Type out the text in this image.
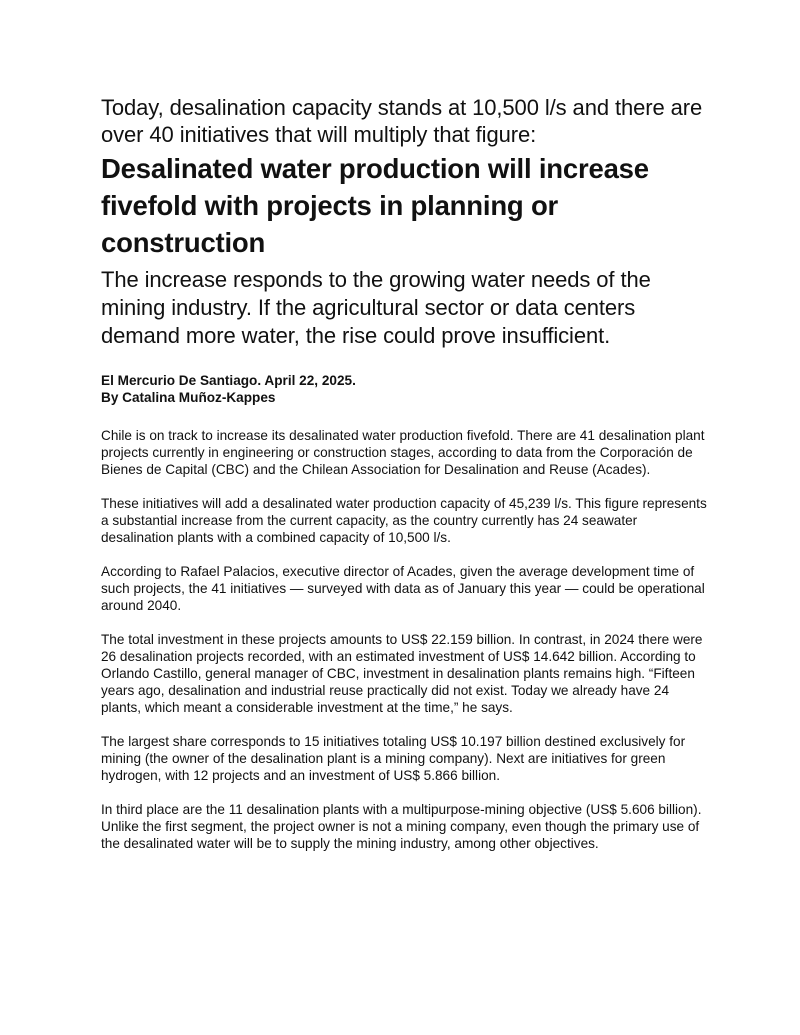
Today, desalination capacity stands at 10,500 l/s and there are over 40 initiatives that will multiply that figure:
Desalinated water production will increase fivefold with projects in planning or construction
The increase responds to the growing water needs of the mining industry. If the agricultural sector or data centers demand more water, the rise could prove insufficient.
El Mercurio De Santiago. April 22, 2025.
By Catalina Muñoz-Kappes

Chile is on track to increase its desalinated water production fivefold. There are 41 desalination plant projects currently in engineering or construction stages, according to data from the Corporación de Bienes de Capital (CBC) and the Chilean Association for Desalination and Reuse (Acades).

These initiatives will add a desalinated water production capacity of 45,239 l/s. This figure represents a substantial increase from the current capacity, as the country currently has 24 seawater desalination plants with a combined capacity of 10,500 l/s.

According to Rafael Palacios, executive director of Acades, given the average development time of such projects, the 41 initiatives — surveyed with data as of January this year — could be operational around 2040.

The total investment in these projects amounts to US$ 22.159 billion. In contrast, in 2024 there were 26 desalination projects recorded, with an estimated investment of US$ 14.642 billion. According to Orlando Castillo, general manager of CBC, investment in desalination plants remains high. “Fifteen years ago, desalination and industrial reuse practically did not exist. Today we already have 24 plants, which meant a considerable investment at the time,” he says.

The largest share corresponds to 15 initiatives totaling US$ 10.197 billion destined exclusively for mining (the owner of the desalination plant is a mining company). Next are initiatives for green hydrogen, with 12 projects and an investment of US$ 5.866 billion.

In third place are the 11 desalination plants with a multipurpose-mining objective (US$ 5.606 billion). Unlike the first segment, the project owner is not a mining company, even though the primary use of the desalinated water will be to supply the mining industry, among other objectives.
